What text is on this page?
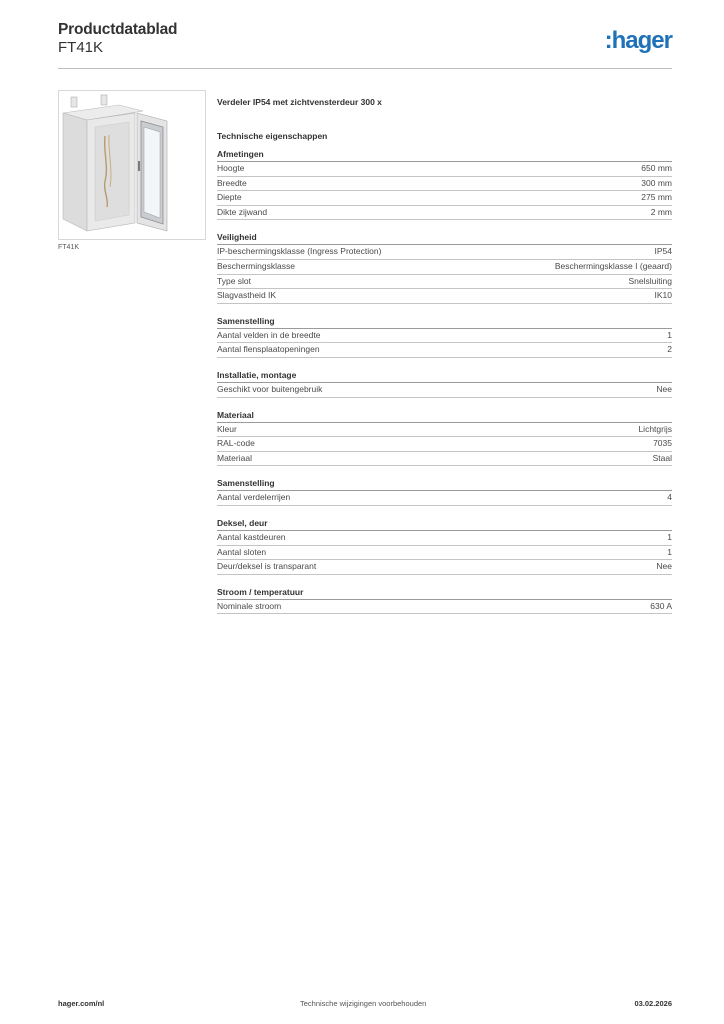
Productdatablad
FT41K	:hager
FT41K
Verdeler IP54 met zichtvensterdeur 300 x
Technische eigenschappen
Afmetingen
Hoogte	650 mm
Breedte	300 mm
Diepte	275 mm
Dikte zijwand	2 mm
Veiligheid
IP-beschermingsklasse (Ingress Protection)	IP54
Beschermingsklasse	Beschermingsklasse I (geaard)
Type slot	Snelsluiting
Slagvastheid IK	IK10
Samenstelling
Aantal velden in de breedte	1
Aantal flensplaatopeningen	2
Installatie, montage
Geschikt voor buitengebruik	Nee
Materiaal
Kleur	Lichtgrijs
RAL-code	7035
Materiaal	Staal
Samenstelling
Aantal verdelerrijen	4
Deksel, deur
Aantal kastdeuren	1
Aantal sloten	1
Deur/deksel is transparant	Nee
Stroom / temperatuur
Nominale stroom	630 A
hager.com/nl	Technische wijzigingen voorbehouden	03.02.2026
